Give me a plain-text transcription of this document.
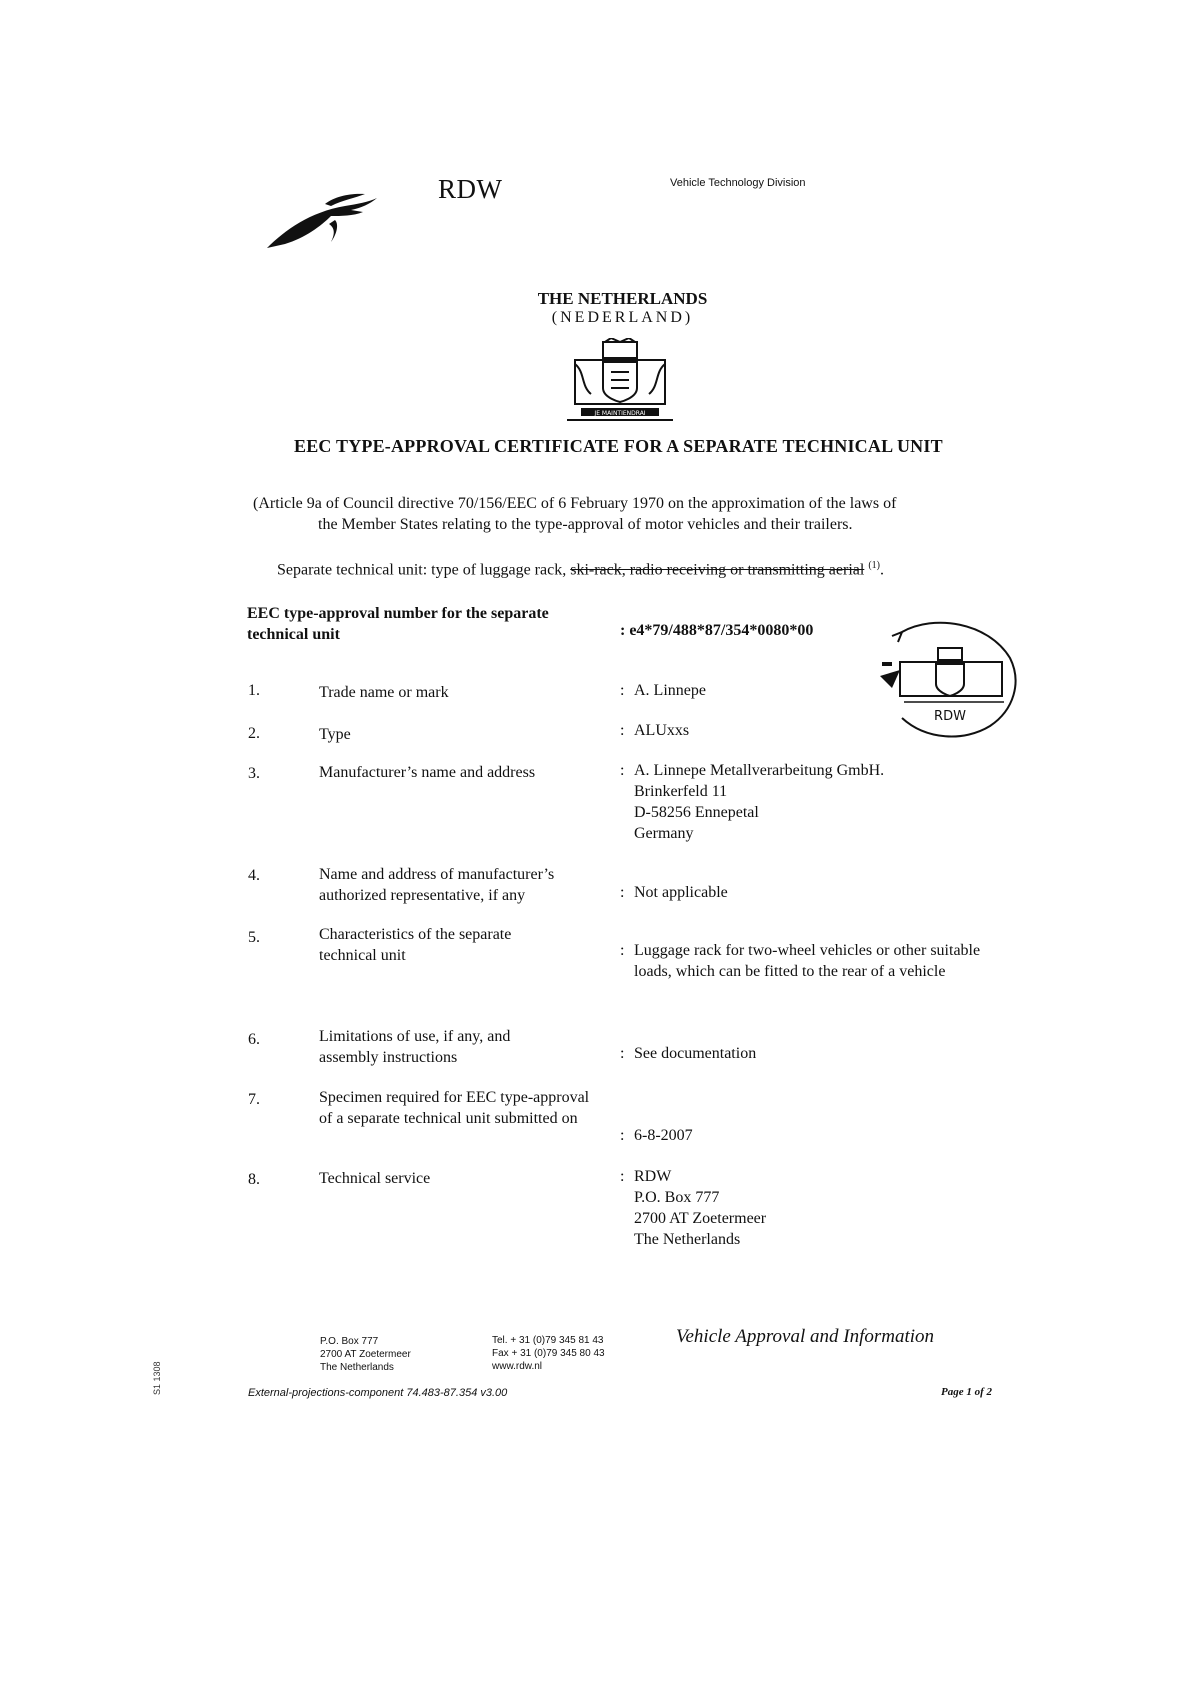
RDW	Vehicle Technology Division
THE NETHERLANDS
(NEDERLAND)
JE MAINTIENDRAI
EEC TYPE-APPROVAL CERTIFICATE FOR A SEPARATE TECHNICAL UNIT
(Article 9a of Council directive 70/156/EEC of 6 February 1970 on the approximation of the laws of
the Member States relating to the type-approval of motor vehicles and their trailers.
Separate technical unit: type of luggage rack, ski-rack, radio receiving or transmitting aerial $^{(1)}$.
EEC type-approval number for the separate technical unit	: e4*79/488*87/354*0080*00
RDW
1.	Trade name or mark	: A. Linnepe
2.	Type	: ALUxxs
3.	Manufacturer’s name and address	: A. Linnepe Metallverarbeitung GmbH.
Brinkerfeld 11
D-58256 Ennepetal
Germany
4.	Name and address of manufacturer’s authorized representative, if any	: Not applicable
5.	Characteristics of the separate technical unit	: Luggage rack for two-wheel vehicles or other suitable loads, which can be fitted to the rear of a vehicle
6.	Limitations of use, if any, and assembly instructions	: See documentation
7.	Specimen required for EEC type-approval of a separate technical unit submitted on
: 6-8-2007
8.	Technical service	: RDW
P.O. Box 777
2700 AT Zoetermeer
The Netherlands
P.O. Box 777
2700 AT Zoetermeer
The Netherlands
Tel. + 31 (0)79 345 81 43
Fax + 31 (0)79 345 80 43
www.rdw.nl
Vehicle Approval and Information
External-projections-component 74.483-87.354 v3.00	Page 1 of 2
S1 1308
